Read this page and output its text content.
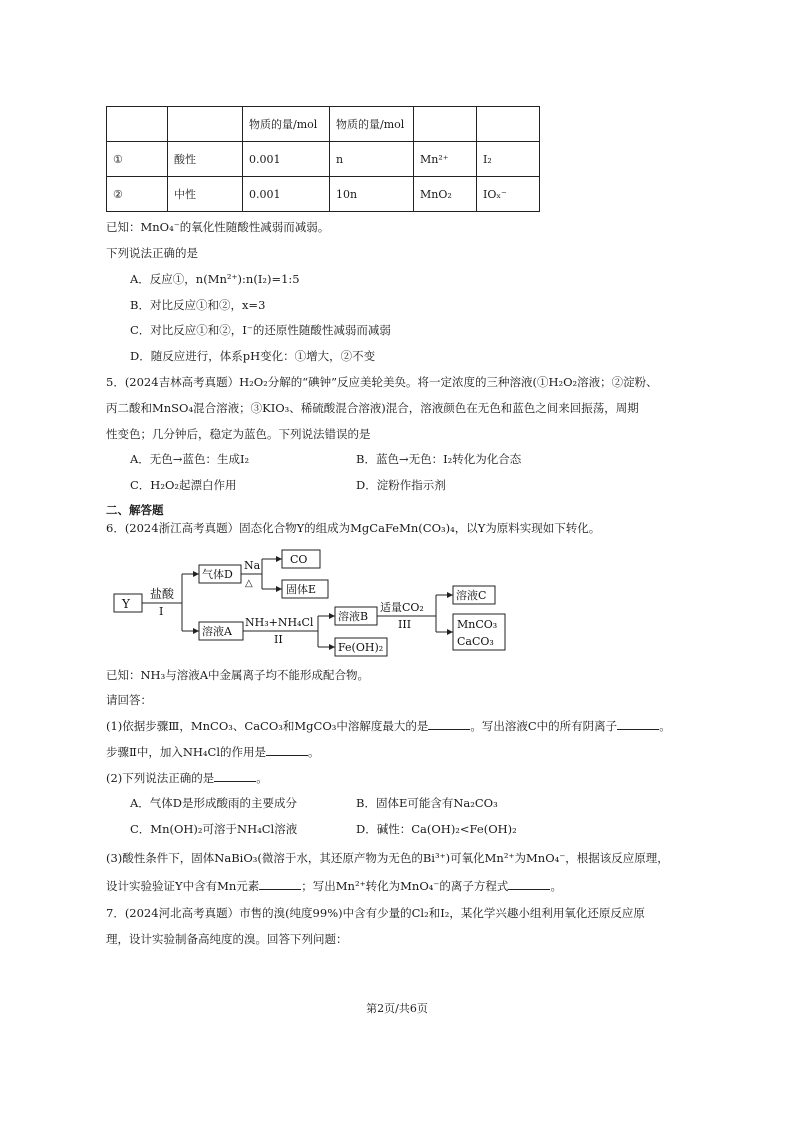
		物质的量/mol	物质的量/mol		
①	酸性	0.001	n	Mn²⁺	I₂
②	中性	0.001	10n	MnO₂	IOₓ⁻
已知：MnO₄⁻的氧化性随酸性减弱而减弱。
下列说法正确的是
A．反应①，n(Mn²⁺):n(I₂)=1:5
B．对比反应①和②，x=3
C．对比反应①和②，I⁻的还原性随酸性减弱而减弱
D．随反应进行，体系pH变化：①增大，②不变
5．(2024吉林高考真题）H₂O₂分解的“碘钟”反应美轮美奂。将一定浓度的三种溶液(①H₂O₂溶液；②淀粉、
丙二酸和MnSO₄混合溶液；③KIO₃、稀硫酸混合溶液)混合，溶液颜色在无色和蓝色之间来回振荡，周期
性变色；几分钟后，稳定为蓝色。下列说法错误的是
A．无色→蓝色：生成I₂	B．蓝色→无色：I₂转化为化合态
C．H₂O₂起漂白作用	D．淀粉作指示剂
二、解答题
6．(2024浙江高考真题）固态化合物Y的组成为MgCaFeMn(CO₃)₄，以Y为原料实现如下转化。
Y
盐酸
I
气体D
Na
△
CO
固体E
溶液A
NH₃+NH₄Cl
II
溶液B
Fe(OH)₂
适量CO₂
III
溶液C
MnCO₃
CaCO₃
已知：NH₃与溶液A中金属离子均不能形成配合物。
请回答：
(1)依据步骤Ⅲ，MnCO₃、CaCO₃和MgCO₃中溶解度最大的是	。写出溶液C中的所有阴离子	。
步骤Ⅱ中，加入NH₄Cl的作用是	。
(2)下列说法正确的是	。
A．气体D是形成酸雨的主要成分	B．固体E可能含有Na₂CO₃
C．Mn(OH)₂可溶于NH₄Cl溶液	D．碱性：Ca(OH)₂<Fe(OH)₂
(3)酸性条件下，固体NaBiO₃(微溶于水，其还原产物为无色的Bi³⁺)可氧化Mn²⁺为MnO₄⁻，根据该反应原理，
设计实验验证Y中含有Mn元素	；写出Mn²⁺转化为MnO₄⁻的离子方程式	。
7．(2024河北高考真题）市售的溴(纯度99%)中含有少量的Cl₂和I₂，某化学兴趣小组利用氧化还原反应原
理，设计实验制备高纯度的溴。回答下列问题：
第2页/共6页
